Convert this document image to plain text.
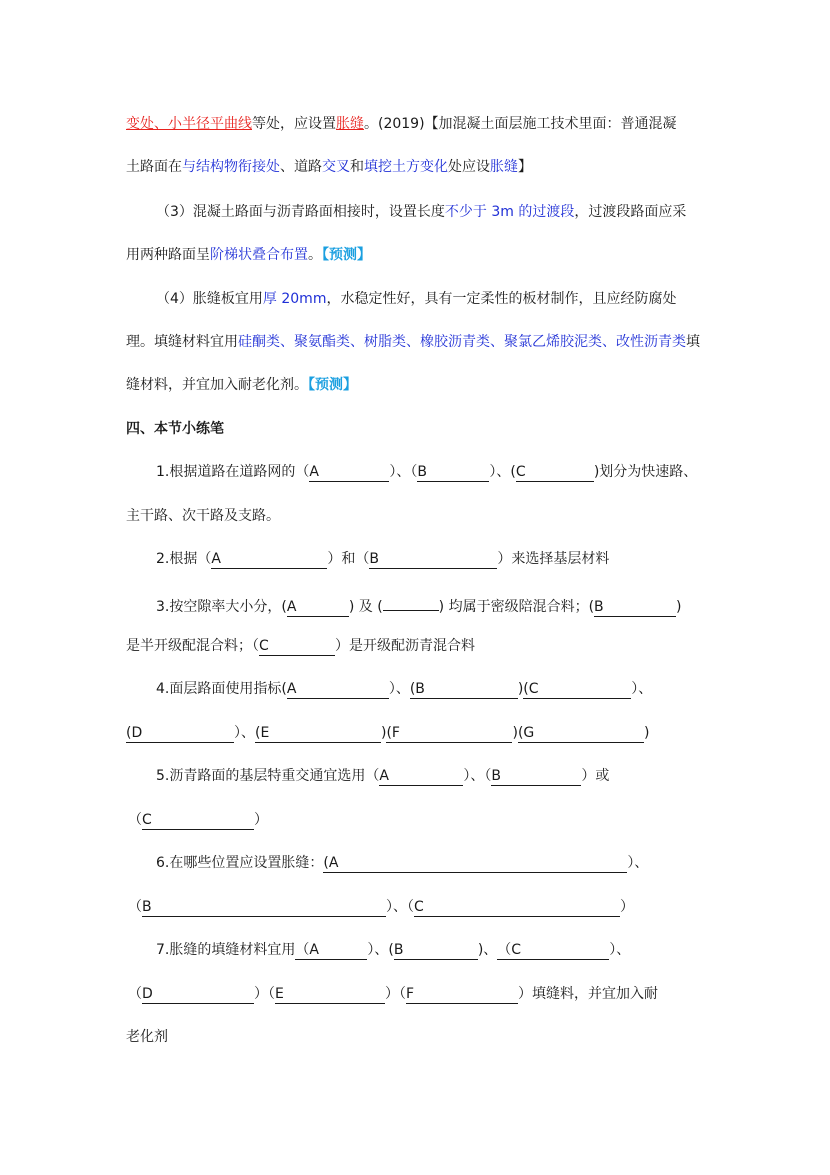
变处、小半径平曲线等处，应设置胀缝。(2019)【加混凝土面层施工技术里面：普通混凝
土路面在与结构物衔接处、道路交叉和填挖土方变化处应设胀缝】
（3）混凝土路面与沥青路面相接时，设置长度不少于 3m 的过渡段，过渡段路面应采
用两种路面呈阶梯状叠合布置。【预测】
（4）胀缝板宜用厚 20mm，水稳定性好，具有一定柔性的板材制作，且应经防腐处
理。填缝材料宜用硅酮类、聚氨酯类、树脂类、橡胶沥青类、聚氯乙烯胶泥类、改性沥青类填
缝材料，并宜加入耐老化剂。【预测】
四、本节小练笔
1.根据道路在道路网的（A	）、（B	）、(C	)划分为快速路、
主干路、次干路及支路。
2.根据（A	）和（B	）来选择基层材料
3.按空隙率大小分，(A	) 及 (	) 均属于密级陪混合料；(B	)
是半开级配混合料；（C	）是开级配沥青混合料
4.面层路面使用指标(A	）、(B	)(C	）、
(D	）、(E	)(F	)(G	)
5.沥青路面的基层特重交通宜选用（A	）、（B	）或
（C	）
6.在哪些位置应设置胀缝：(A	）、
（B	）、（C	）
7.胀缝的填缝材料宜用（A	）、(B	)、（C	）、
（D	）（E	）（F	）填缝料，并宜加入耐
老化剂
